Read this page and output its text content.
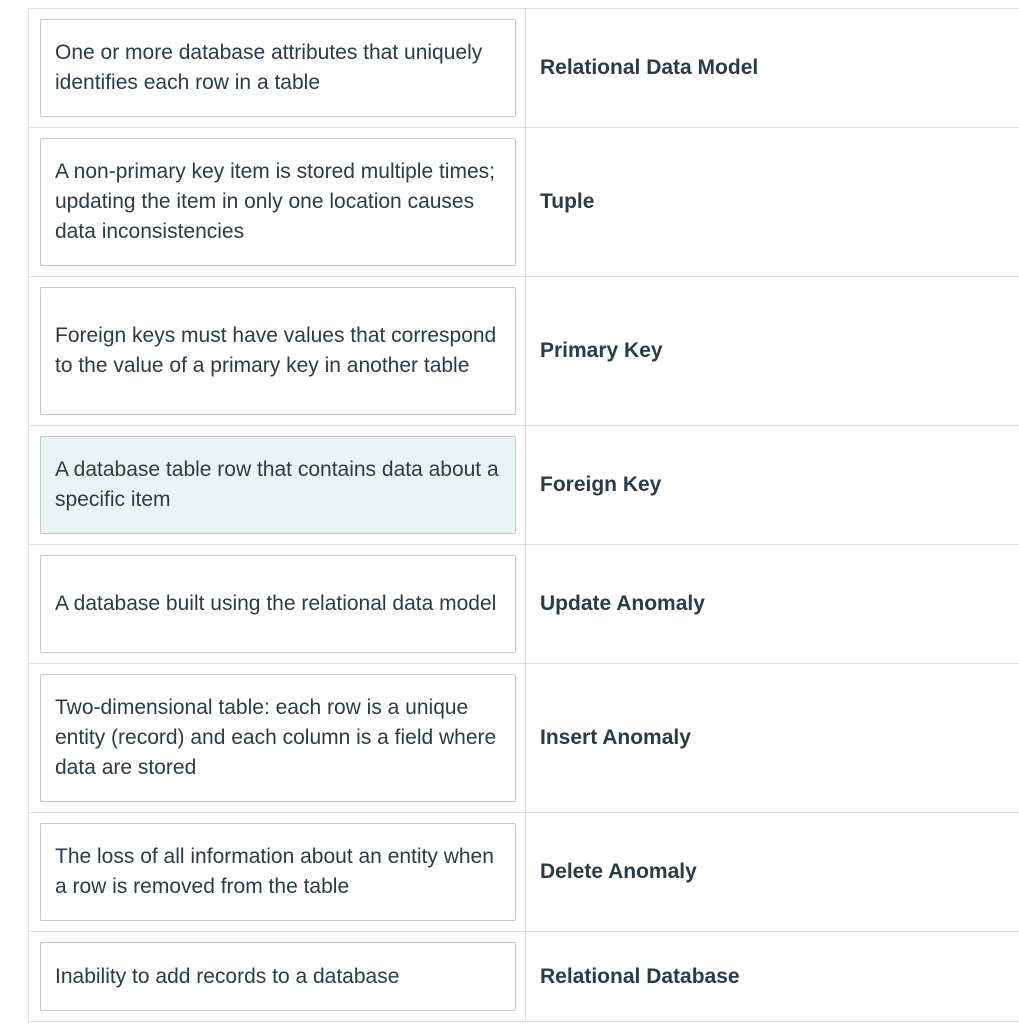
One or more database attributes that uniquely identifies each row in a table
Relational Data Model
A non-primary key item is stored multiple times; updating the item in only one location causes data inconsistencies
Tuple
Foreign keys must have values that correspond to the value of a primary key in another table
Primary Key
A database table row that contains data about a specific item
Foreign Key
A database built using the relational data model	Update Anomaly
Two-dimensional table: each row is a unique entity (record) and each column is a field where data are stored
Insert Anomaly
The loss of all information about an entity when a row is removed from the table
Delete Anomaly
Inability to add records to a database	Relational Database
